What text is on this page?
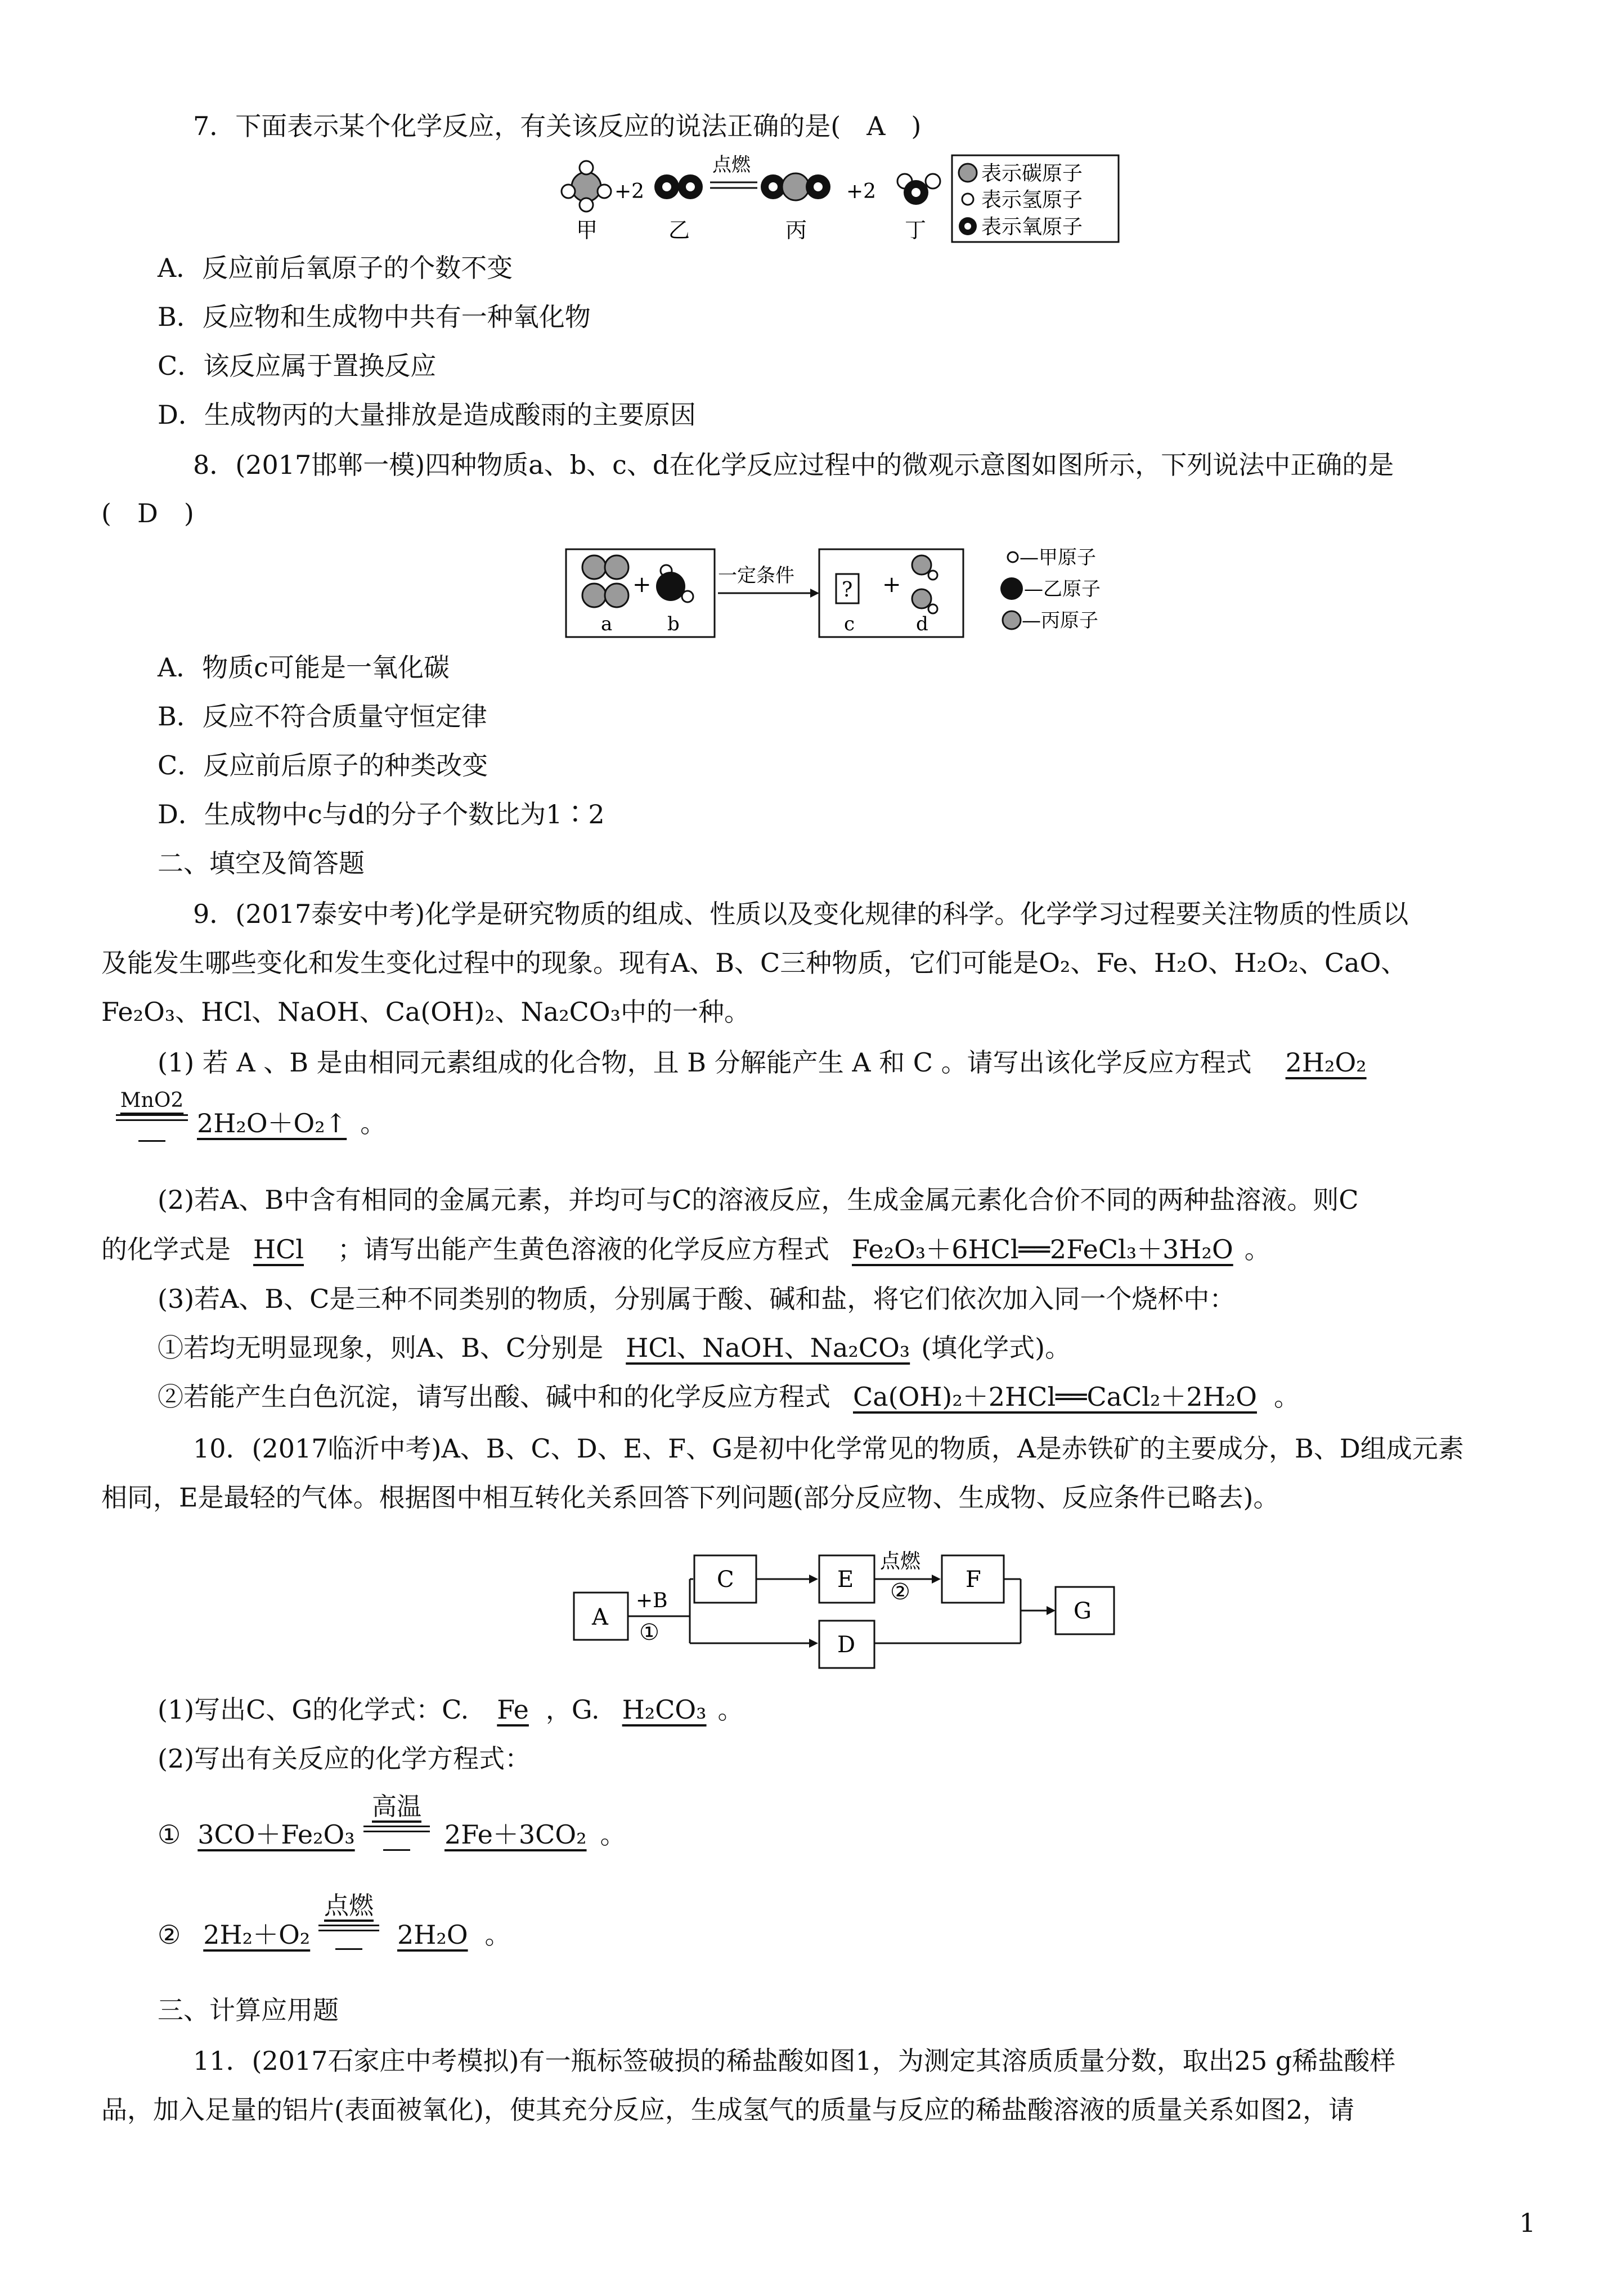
7．下面表示某个化学反应，有关该反应的说法正确的是(　A　)
+2
点燃
+2
甲	乙	丙	丁
表示碳原子
表示氢原子
表示氧原子
A．反应前后氧原子的个数不变
B．反应物和生成物中共有一种氧化物
C．该反应属于置换反应
D．生成物丙的大量排放是造成酸雨的主要原因
8．(2017邯郸一模)四种物质a、b、c、d在化学反应过程中的微观示意图如图所示，下列说法中正确的是
(　D　)
+
a	b
一定条件
? +
c	d
—甲原子
—乙原子
—丙原子
A．物质c可能是一氧化碳
B．反应不符合质量守恒定律
C．反应前后原子的种类改变
D．生成物中c与d的分子个数比为1∶2
二、填空及简答题
9．(2017泰安中考)化学是研究物质的组成、性质以及变化规律的科学。化学学习过程要关注物质的性质以
及能发生哪些变化和发生变化过程中的现象。现有A、B、C三种物质，它们可能是O₂、Fe、H₂O、H₂O₂、CaO、
Fe₂O₃、HCl、NaOH、Ca(OH)₂、Na₂CO₃中的一种。
(1) 若 A 、B 是由相同元素组成的化合物，且 B 分解能产生 A 和 C 。请写出该化学反应方程式 2H₂O₂
MnO2
2H₂O＋O₂↑ 。
(2)若A、B中含有相同的金属元素，并均可与C的溶液反应，生成金属元素化合价不同的两种盐溶液。则C
的化学式是 HCl ；请写出能产生黄色溶液的化学反应方程式 Fe₂O₃＋6HCl══2FeCl₃＋3H₂O 。
(3)若A、B、C是三种不同类别的物质，分别属于酸、碱和盐，将它们依次加入同一个烧杯中：
①若均无明显现象，则A、B、C分别是 HCl、NaOH、Na₂CO₃ (填化学式)。
②若能产生白色沉淀，请写出酸、碱中和的化学反应方程式 Ca(OH)₂＋2HCl══CaCl₂＋2H₂O 。
10．(2017临沂中考)A、B、C、D、E、F、G是初中化学常见的物质，A是赤铁矿的主要成分，B、D组成元素
相同，E是最轻的气体。根据图中相互转化关系回答下列问题(部分反应物、生成物、反应条件已略去)。
A
+B
①
C	E
点燃
② F
D
G
(1)写出C、G的化学式：C. Fe ，G. H₂CO₃ 。
(2)写出有关反应的化学方程式：
① 3CO＋Fe₂O₃
高温
2Fe＋3CO₂ 。
② 2H₂＋O₂
点燃
2H₂O 。
三、计算应用题
11．(2017石家庄中考模拟)有一瓶标签破损的稀盐酸如图1，为测定其溶质质量分数，取出25 g稀盐酸样
品，加入足量的铝片(表面被氧化)，使其充分反应，生成氢气的质量与反应的稀盐酸溶液的质量关系如图2，请
1
